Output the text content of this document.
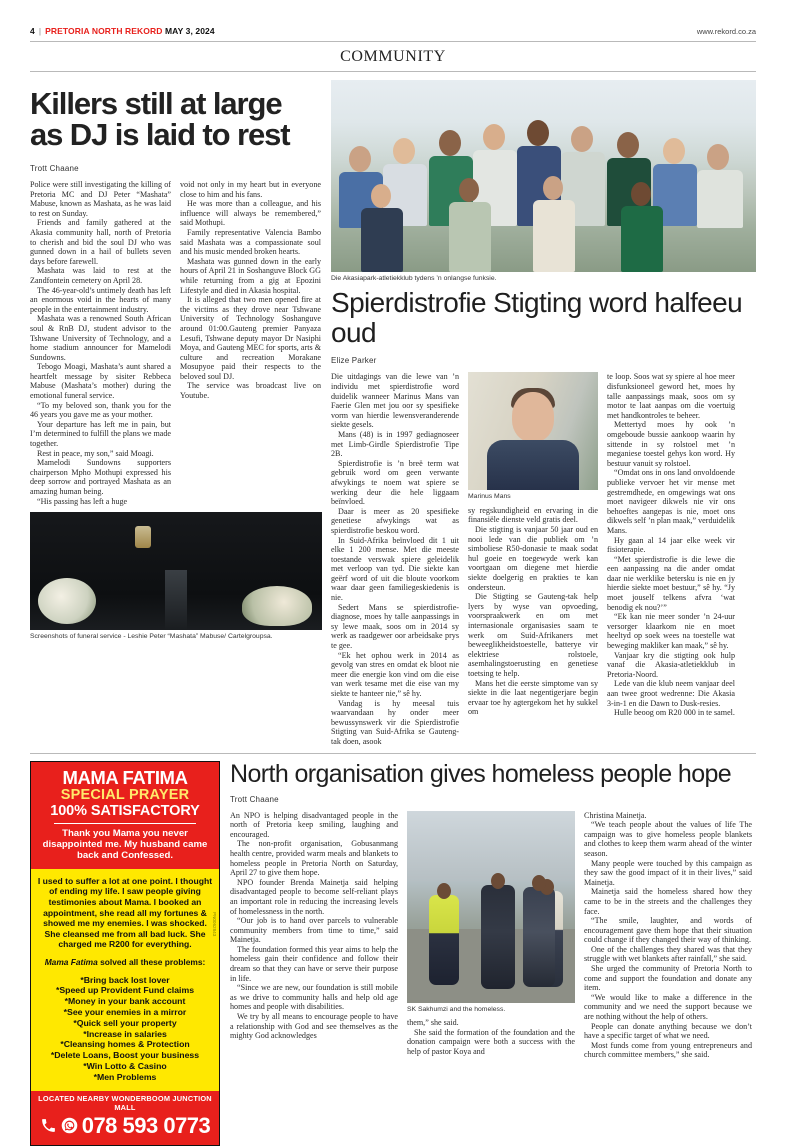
4 | PRETORIA NORTH REKORD MAY 3, 2024	www.rekord.co.za
COMMUNITY
Killers still at large
as DJ is laid to rest
Trott Chaane

Police were still investigating the killing of Pretoria MC and DJ Peter “Mashata” Mabuse, known as Mashata, as he was laid to rest on Sunday.

Friends and family gathered at the Akasia community hall, north of Pretoria to cherish and bid the soul DJ who was gunned down in a hail of bullets seven days before farewell.

Mashata was laid to rest at the Zandfontein cemetery on April 28.

The 46-year-old’s untimely death has left an enormous void in the hearts of many people in the entertainment industry.

Mashata was a renowned South African soul & RnB DJ, student advisor to the Tshwane University of Technology, and a home stadium announcer for Mamelodi Sundowns.

Tebogo Moagi, Mashata’s aunt shared a heartfelt message by sisiter Rebbeca Mabuse (Mashata’s mother) during the emotional funeral service.

“To my beloved son, thank you for the 46 years you gave me as your mother.

Your departure has left me in pain, but I’m determined to fulfill the plans we made together.

Rest in peace, my son,” said Moagi.

Mamelodi Sundowns supporters chairperson Mpho Mothupi expressed his deep sorrow and portrayed Mashata as an amazing human being.

“His passing has left a huge

void not only in my heart but in everyone close to him and his fans.

He was more than a colleague, and his influence will always be remembered,” said Mothupi.

Family representative Valencia Bambo said Mashata was a compassionate soul and his music mended broken hearts.

Mashata was gunned down in the early hours of April 21 in Soshanguve Block GG while returning from a gig at Epozini Lifestyle and died in Akasia hospital.

It is alleged that two men opened fire at the victims as they drove near Tshwane University of Technology Soshanguve around 01:00.Gauteng premier Panyaza Lesufi, Tshwane deputy mayor Dr Nasiphi Moya, and Gauteng MEC for sports, arts & culture and recreation Morakane Mosupyoe paid their respects to the beloved soul DJ.

The service was broadcast live on Youtube.

Screenshots of funeral service - Leshie Peter “Mashata” Mabuse/ Cartelgroupsa.
Die Akasiapark-atletiekklub tydens ’n onlangse funksie.
Spierdistrofie Stigting word halfeeu oud
Elize Parker

Die uitdagings van die lewe van ’n individu met spierdistrofie word duidelik wanneer Marinus Mans van Faerie Glen met jou oor sy spesifieke vorm van hierdie lewensveranderende siekte gesels.

Mans (48) is in 1997 gediagnoseer met Limb-Girdle Spierdistrofie Tipe 2B.

Spierdistrofie is ’n breë term wat gebruik word om geen verwante afwykings te noem wat spiere se werking deur die hele liggaam beïnvloed.

Daar is meer as 20 spesifieke genetiese afwykings wat as spierdistrofie beskou word.

In Suid-Afrika beïnvloed dit 1 uit elke 1 200 mense. Met die meeste toestande verswak spiere geleidelik met verloop van tyd. Die siekte kan geërf word of uit die bloute voorkom waar daar geen familiegeskiedenis is nie.

Sedert Mans se spierdistrofie-diagnose, moes hy talle aanpassings in sy lewe maak, soos om in 2014 sy werk as raadgewer oor arbeidsake prys te gee.

“Ek het ophou werk in 2014 as gevolg van stres en omdat ek bloot nie meer die energie kon vind om die eise van werk tesame met die eise van my siekte te hanteer nie,” sê hy.

Vandag is hy meesal tuis waarvandaan hy onder meer bewussynswerk vir die Spierdistrofie Stigting van Suid-Afrika se Gauteng-tak doen, asook

Marinus Mans

sy regskundigheid en ervaring in die finansiële dienste veld gratis deel.

Die stigting is vanjaar 50 jaar oud en nooi lede van die publiek om ’n simboliese R50-donasie te maak sodat hul goeie en toegewyde werk kan voortgaan om diegene met hierdie siekte doelgerig en prakties te kan ondersteun.

Die Stigting se Gauteng-tak help lyers by wyse van opvoeding, voorspraakwerk en om met internasionale organisasies saam te werk om Suid-Afrikaners met beweeglikheidstoestelle, batterye vir elektriese rolstoele, asemhalingstoerusting en genetiese toetsing te help.

Mans het die eerste simptome van sy siekte in die laat negentigerjare begin ervaar toe hy agtergekom het hy sukkel om

te loop. Soos wat sy spiere al hoe meer disfunksioneel geword het, moes hy talle aanpassings maak, soos om sy motor te laat aanpas om die voertuig met handkontroles te beheer.

Mettertyd moes hy ook ’n omgeboude bussie aankoop waarin hy sittende in sy rolstoel met ’n meganiese toestel gehys kon word. Hy bestuur vanuit sy rolstoel.

“Omdat ons in ons land onvoldoende publieke vervoer het vir mense met gestremdhede, en omgewings wat ons moet navigeer dikwels nie vir ons behoeftes aangepas is nie, moet ons dikwels self ’n plan maak,” verduidelik Mans.

Hy gaan al 14 jaar elke week vir fisioterapie.

“Met spierdistrofie is die lewe die een aanpassing na die ander omdat daar nie werklike betersku is nie en jy hierdie siekte moet bestuur,” sê hy. “Jy moet jouself telkens afvra ‘wat benodig ek nou?’”

“Ek kan nie meer sonder ’n 24-uur versorger klaarkom nie en moet heeltyd op soek wees na toestelle wat beweging makliker kan maak,” sê hy.

Vanjaar kry die stigting ook hulp vanaf die Akasia-atletiekklub in Pretoria-Noord.

Lede van die klub neem vanjaar deel aan twee groot wedrenne: Die Akasia 3-in-1 en die Dawn to Dusk-resies.

Hulle beoog om R20 000 in te samel.

MAMA FATIMA
SPECIAL PRAYER
100% SATISFACTORY
Thank you Mama you never disappointed me. My husband came back and Confessed.
I used to suffer a lot at one point. I thought of ending my life. I saw people giving testimonies about Mama. I booked an appointment, she read all my fortunes & showed me my enemies. I was shocked. She cleansed me from all bad luck. She charged me R200 for everything.
Mama Fatima solved all these problems:
*Bring back lost lover
*Speed up Provident Fund claims
*Money in your bank account
*See your enemies in a mirror
*Quick sell your property
*Increase in salaries
*Cleansing homes & Protection
*Delete Loans, Boost your business
*Win Lotto & Casino
*Men Problems
LOCATED NEARBY WONDERBOOM JUNCTION MALL
078 593 0773
PN0062843
North organisation gives homeless people hope
Trott Chaane

An NPO is helping disadvantaged people in the north of Pretoria keep smiling, laughing and encouraged.

The non-profit organisation, Gobusanmang health centre, provided warm meals and blankets to homeless people in Pretoria North on Saturday, April 27 to give them hope.

NPO founder Brenda Mainetja said helping disadvantaged people to become self-reliant plays an important role in reducing the increasing levels of homelessness in the north.

“Our job is to hand over parcels to vulnerable community members from time to time,” said Mainetja.

The foundation formed this year aims to help the homeless gain their confidence and follow their dream so that they can have or serve their purpose in life.

“Since we are new, our foundation is still mobile as we drive to community halls and help old age homes and people with disabilities.

We try by all means to encourage people to have a relationship with God and see themselves as the mighty God acknowledges

SK Sakhumzi and the homeless.

them,” she said.

She said the formation of the foundation and the donation campaign were both a success with the help of pastor Koya and

Christina Mainetja.

“We teach people about the values of life The campaign was to give homeless people blankets and clothes to keep them warm ahead of the winter season.

Many people were touched by this campaign as they saw the good impact of it in their lives,” said Mainetja.

Mainetja said the homeless shared how they came to be in the streets and the challenges they face.

“The smile, laughter, and words of encouragement gave them hope that their situation could change if they changed their way of thinking.

One of the challenges they shared was that they struggle with wet blankets after rainfall,” she said.

She urged the community of Pretoria North to come and support the foundation and donate any item.

“We would like to make a difference in the community and we need the support because we are nothing without the help of others.

People can donate anything because we don’t have a specific target of what we need.

Most funds come from young entrepreneurs and church committee members,” she said.
